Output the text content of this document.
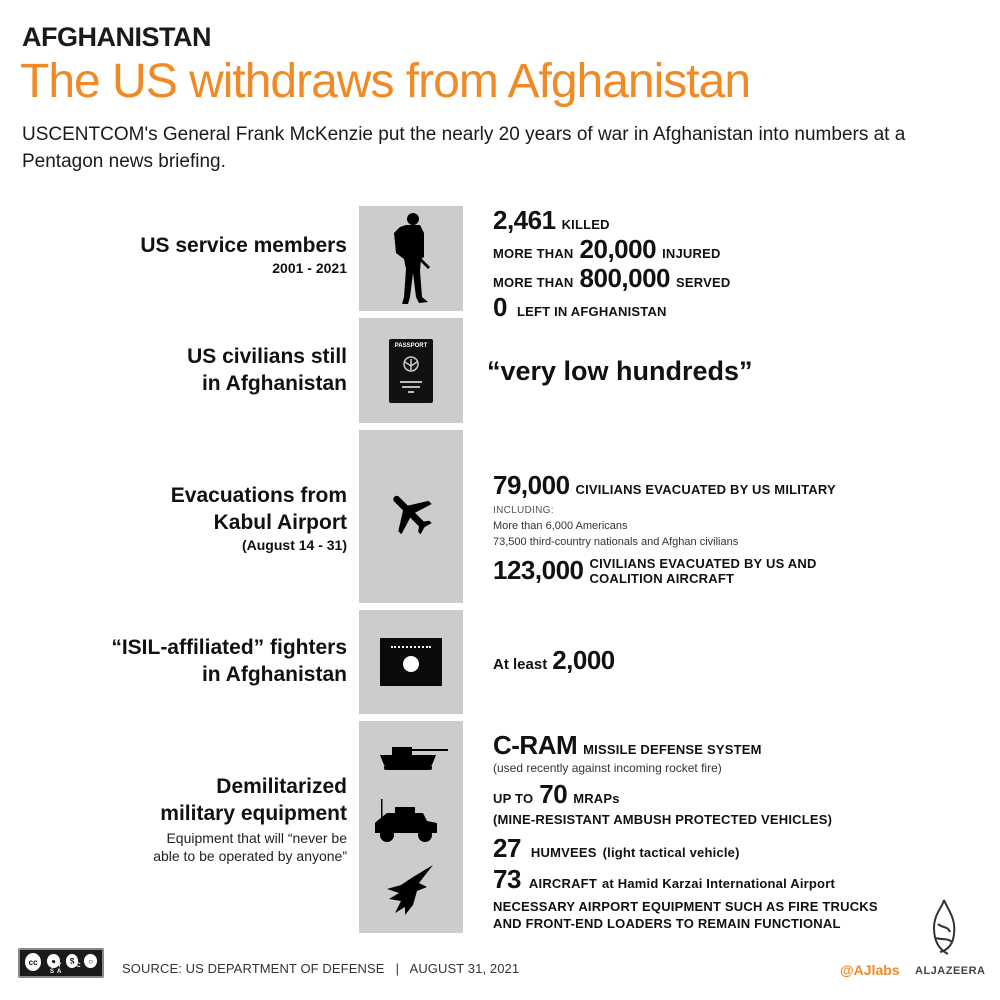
AFGHANISTAN
The US withdraws from Afghanistan
USCENTCOM's General Frank McKenzie put the nearly 20 years of war in Afghanistan into numbers at a Pentagon news briefing.
US service members
2001 - 2021
2,461 KILLED
MORE THAN 20,000 INJURED
MORE THAN 800,000 SERVED
0 LEFT IN AFGHANISTAN
US civilians still
in Afghanistan
PASSPORT
“very low hundreds”
Evacuations from
Kabul Airport
(August 14 - 31)
79,000 CIVILIANS EVACUATED BY US MILITARY
INCLUDING:
More than 6,000 Americans
73,500 third-country nationals and Afghan civilians
123,000 CIVILIANS EVACUATED BY US AND
COALITION AIRCRAFT
“ISIL-affiliated” fighters
in Afghanistan	At least 2,000
Demilitarized
military equipment
Equipment that will “never be
able to be operated by anyone”
C-RAM MISSILE DEFENSE SYSTEM
(used recently against incoming rocket fire)
UP TO 70 MRAPs
(MINE-RESISTANT AMBUSH PROTECTED VEHICLES)
27 HUMVEES (light tactical vehicle)
73 AIRCRAFT at Hamid Karzai International Airport
NECESSARY AIRPORT EQUIPMENT SUCH AS FIRE TRUCKS
AND FRONT-END LOADERS TO REMAIN FUNCTIONAL
cc	●	$	○
BY NC SA	SOURCE: US DEPARTMENT OF DEFENSE   |   AUGUST 31, 2021	@AJlabs ALJAZEERA
